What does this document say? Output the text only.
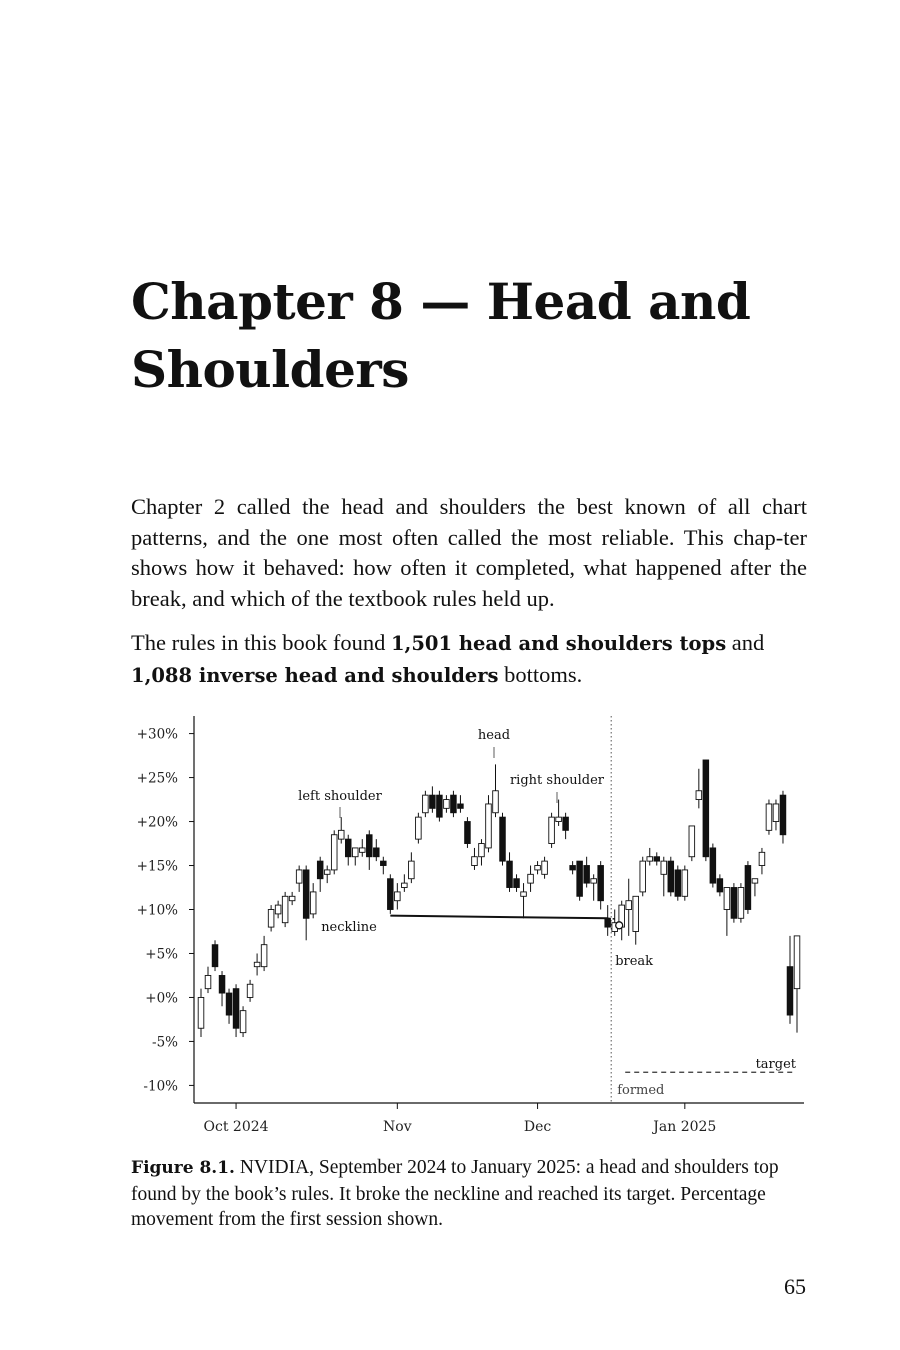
Chapter 8 — Head and Shoulders

Chapter 2 called the head and shoulders the best known of all chart patterns, and the one most often called the most reliable. This chap-ter shows how it behaved: how often it completed, what happened after the break, and which of the textbook rules held up.

The rules in this book found 1,501 head and shoulders tops and 1,088 inverse head and shoulders bottoms.

-10%
-5%
+0%
+5%
+10%
+15%
+20%
+25%
+30%
Oct 2024	Nov	Dec	Jan 2025
left shoulder
head
right shoulder
neckline
break
formed
target

Figure 8.1. NVIDIA, September 2024 to January 2025: a head and shoulders top found by the book’s rules. It broke the neckline and reached its target. Percentage movement from the first session shown.

65
